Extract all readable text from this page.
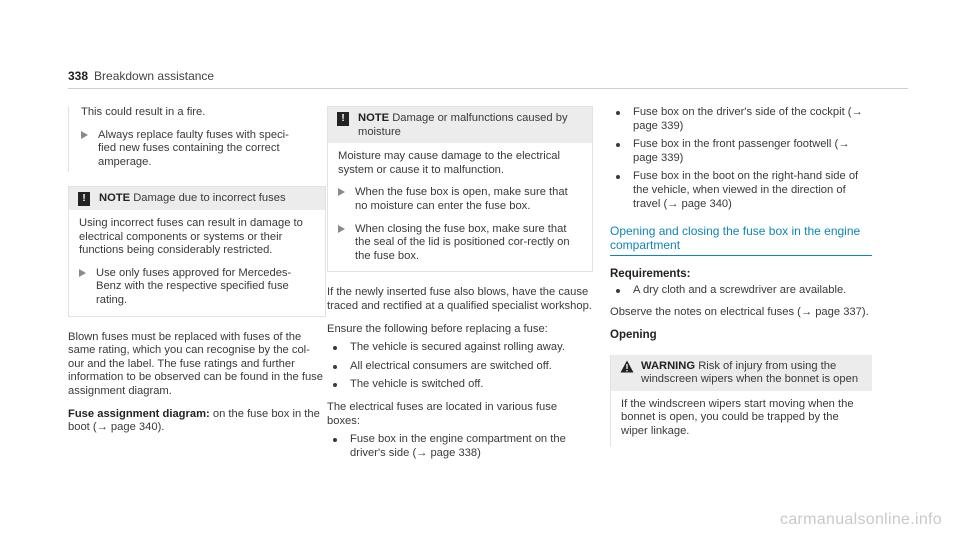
338 Breakdown assistance

This could result in a fire.

Always replace faulty fuses with speci-
fied new fuses containing the correct
amperage.
!	NOTE Damage due to incorrect fuses

Using incorrect fuses can result in damage to electrical components or systems or their functions being considerably restricted.

Use only fuses approved for Mercedes-Benz with the respective specified fuse rating.

Blown fuses must be replaced with fuses of the same rating, which you can recognise by the col-our and the label. The fuse ratings and further information to be observed can be found in the fuse assignment diagram.

Fuse assignment diagram: on the fuse box in the boot (→ page 340).

!	NOTE Damage or malfunctions caused by moisture

Moisture may cause damage to the electrical system or cause it to malfunction.

When the fuse box is open, make sure that no moisture can enter the fuse box.
When closing the fuse box, make sure that the seal of the lid is positioned cor-rectly on the fuse box.

If the newly inserted fuse also blows, have the cause traced and rectified at a qualified specialist workshop.

Ensure the following before replacing a fuse:

The vehicle is secured against rolling away.
All electrical consumers are switched off.
The vehicle is switched off.

The electrical fuses are located in various fuse boxes:

Fuse box in the engine compartment on the driver's side (→ page 338)
Fuse box on the driver's side of the cockpit (→ page 339)
Fuse box in the front passenger footwell (→ page 339)
Fuse box in the boot on the right-hand side of the vehicle, when viewed in the direction of travel (→ page 340)
Opening and closing the fuse box in the engine compartment
Requirements:
A dry cloth and a screwdriver are available.

Observe the notes on electrical fuses (→ page 337).

Opening
WARNING Risk of injury from using the windscreen wipers when the bonnet is open

If the windscreen wipers start moving when the bonnet is open, you could be trapped by the wiper linkage.

carmanualsonline.info
